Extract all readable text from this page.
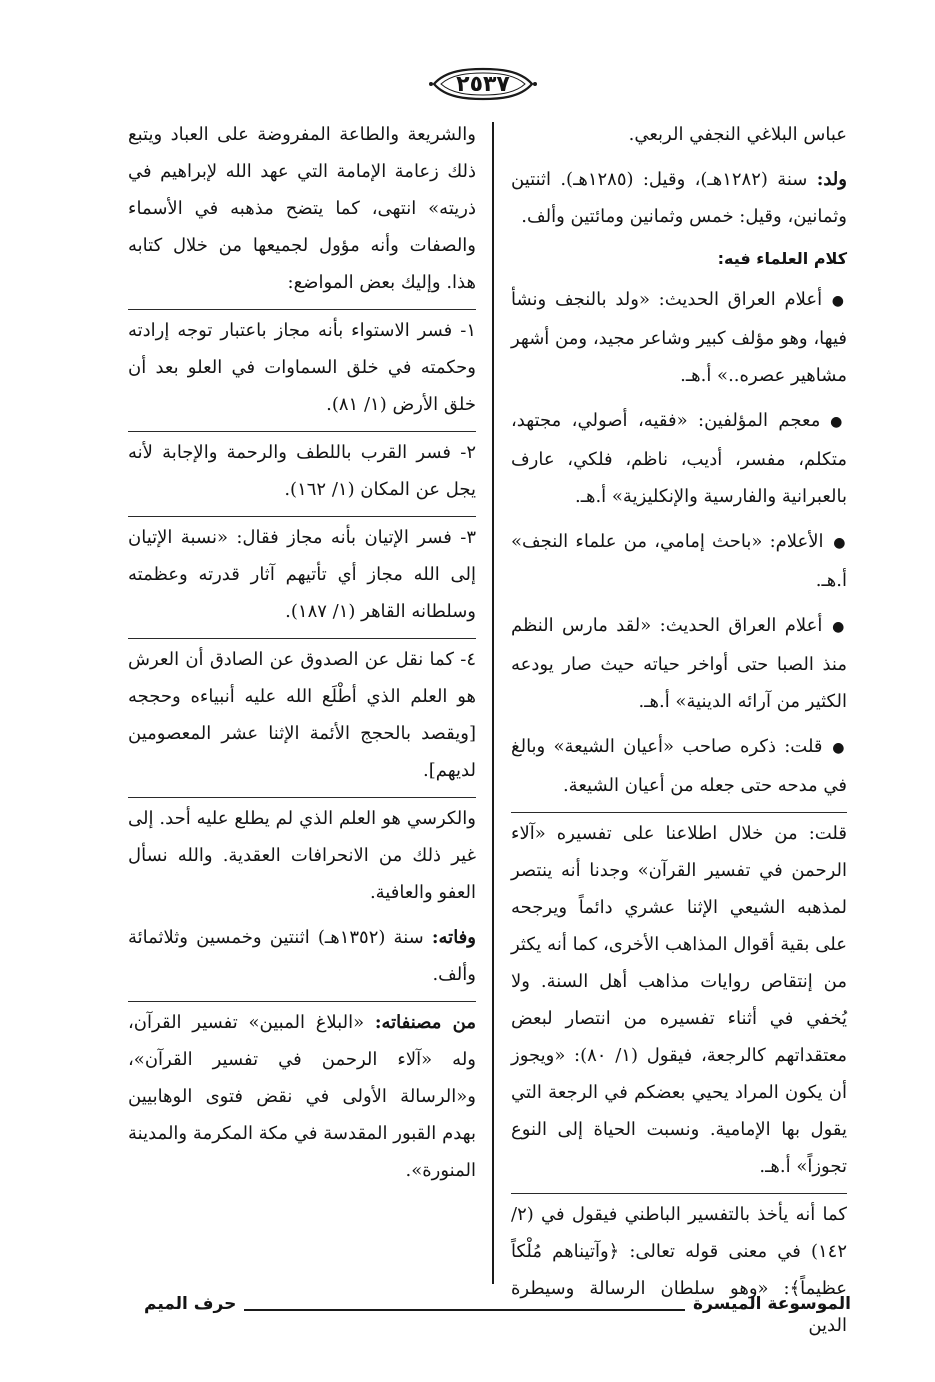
٢٥٣٧

عباس البلاغي النجفي الربعي.

ولد: سنة (١٢٨٢هـ)، وقيل: (١٢٨٥هـ). اثنتين وثمانين، وقيل: خمس وثمانين ومائتين وألف.

كلام العلماء فيه:

● أعلام العراق الحديث: «ولد بالنجف ونشأ فيها، وهو مؤلف كبير وشاعر مجيد، ومن أشهر مشاهير عصره..» أ.هـ.

● معجم المؤلفين: «فقيه، أصولي، مجتهد، متكلم، مفسر، أديب، ناظم، فلكي، عارف بالعبرانية والفارسية والإنكليزية» أ.هـ.

● الأعلام: «باحث إمامي، من علماء النجف» أ.هـ.

● أعلام العراق الحديث: «لقد مارس النظم منذ الصبا حتى أواخر حياته حيث صار يودعه الكثير من آرائه الدينية» أ.هـ.

● قلت: ذكره صاحب «أعيان الشيعة» وبالغ في مدحه حتى جعله من أعيان الشيعة.

قلت: من خلال اطلاعنا على تفسيره «آلاء الرحمن في تفسير القرآن» وجدنا أنه ينتصر لمذهبه الشيعي الإثنا عشري دائماً ويرجحه على بقية أقوال المذاهب الأخرى، كما أنه يكثر من إنتقاص روايات مذاهب أهل السنة. ولا يُخفي في أثناء تفسيره من انتصار لبعض معتقداتهم كالرجعة، فيقول (١/ ٨٠): «ويجوز أن يكون المراد يحيي بعضكم في الرجعة التي يقول بها الإمامية. ونسبت الحياة إلى النوع تجوزاً» أ.هـ.

كما أنه يأخذ بالتفسير الباطني فيقول في (٢/ ١٤٢) في معنى قوله تعالى: ﴿وآتيناهم مُلْكاً عظيماً﴾: «وهو سلطان الرسالة وسيطرة الدين

والشريعة والطاعة المفروضة على العباد ويتبع ذلك زعامة الإمامة التي عهد الله لإبراهيم في ذريته» انتهى، كما يتضح مذهبه في الأسماء والصفات وأنه مؤول لجميعها من خلال كتابه هذا. وإليك بعض المواضع:

١- فسر الاستواء بأنه مجاز باعتبار توجه إرادته وحكمته في خلق السماوات في العلو بعد أن خلق الأرض (١/ ٨١).

٢- فسر القرب باللطف والرحمة والإجابة لأنه يجل عن المكان (١/ ١٦٢).

٣- فسر الإتيان بأنه مجاز فقال: «نسبة الإتيان إلى الله مجاز أي تأتيهم آثار قدرته وعظمته وسلطانه القاهر (١/ ١٨٧).

٤- كما نقل عن الصدوق عن الصادق أن العرش هو العلم الذي أطْلَع الله عليه أنبياءه وحججه [ويقصد بالحجج الأئمة الإثنا عشر المعصومين لديهم].

والكرسي هو العلم الذي لم يطلع عليه أحد. إلى غير ذلك من الانحرافات العقدية. والله نسأل العفو والعافية.

وفاته: سنة (١٣٥٢هـ) اثنتين وخمسين وثلاثمائة وألف.

من مصنفاته: «البلاغ المبين» تفسير القرآن، وله «آلاء الرحمن في تفسير القرآن»، و«الرسالة الأولى في نقض فتوى الوهابيين بهدم القبور المقدسة في مكة المكرمة والمدينة المنورة».

الموسوعة الميسرة
حرف الميم
